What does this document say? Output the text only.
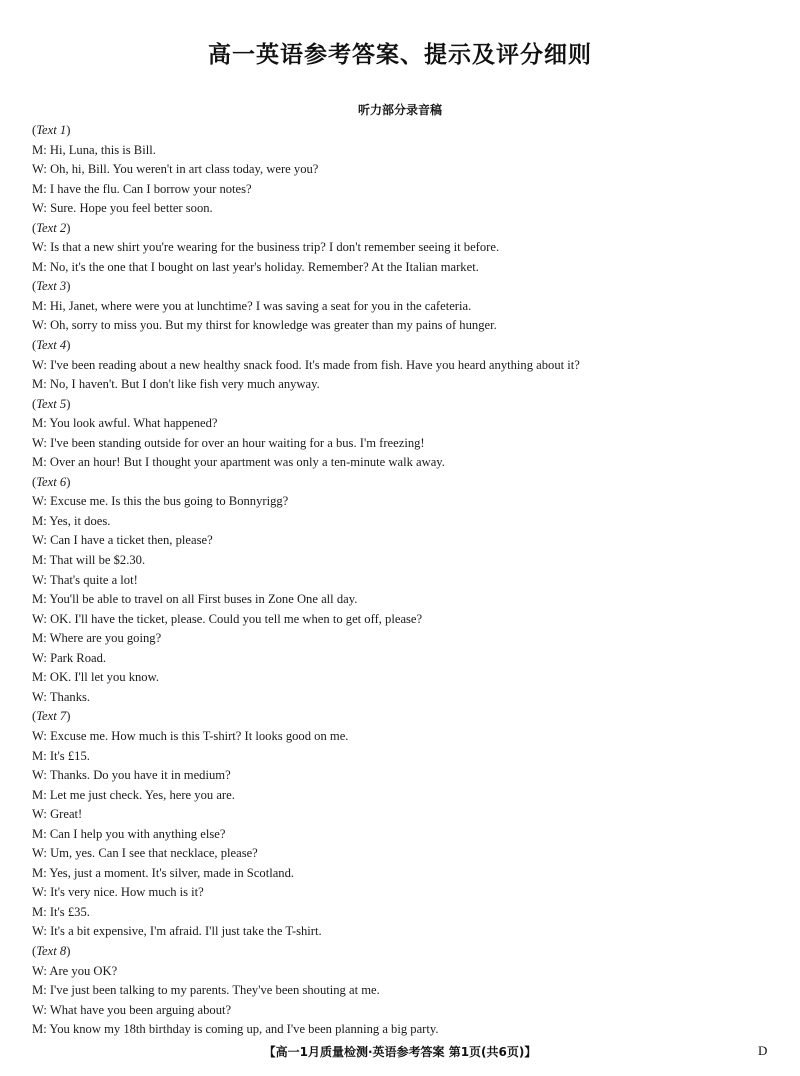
高一英语参考答案、提示及评分细则
听力部分录音稿
(Text 1)
M: Hi, Luna, this is Bill.
W: Oh, hi, Bill. You weren't in art class today, were you?
M: I have the flu. Can I borrow your notes?
W: Sure. Hope you feel better soon.
(Text 2)
W: Is that a new shirt you're wearing for the business trip? I don't remember seeing it before.
M: No, it's the one that I bought on last year's holiday. Remember? At the Italian market.
(Text 3)
M: Hi, Janet, where were you at lunchtime? I was saving a seat for you in the cafeteria.
W: Oh, sorry to miss you. But my thirst for knowledge was greater than my pains of hunger.
(Text 4)
W: I've been reading about a new healthy snack food. It's made from fish. Have you heard anything about it?
M: No, I haven't. But I don't like fish very much anyway.
(Text 5)
M: You look awful. What happened?
W: I've been standing outside for over an hour waiting for a bus. I'm freezing!
M: Over an hour! But I thought your apartment was only a ten-minute walk away.
(Text 6)
W: Excuse me. Is this the bus going to Bonnyrigg?
M: Yes, it does.
W: Can I have a ticket then, please?
M: That will be $2.30.
W: That's quite a lot!
M: You'll be able to travel on all First buses in Zone One all day.
W: OK. I'll have the ticket, please. Could you tell me when to get off, please?
M: Where are you going?
W: Park Road.
M: OK. I'll let you know.
W: Thanks.
(Text 7)
W: Excuse me. How much is this T-shirt? It looks good on me.
M: It's £15.
W: Thanks. Do you have it in medium?
M: Let me just check. Yes, here you are.
W: Great!
M: Can I help you with anything else?
W: Um, yes. Can I see that necklace, please?
M: Yes, just a moment. It's silver, made in Scotland.
W: It's very nice. How much is it?
M: It's £35.
W: It's a bit expensive, I'm afraid. I'll just take the T-shirt.
(Text 8)
W: Are you OK?
M: I've just been talking to my parents. They've been shouting at me.
W: What have you been arguing about?
M: You know my 18th birthday is coming up, and I've been planning a big party.
【高一1月质量检测·英语参考答案 第1页(共6页)】	D
